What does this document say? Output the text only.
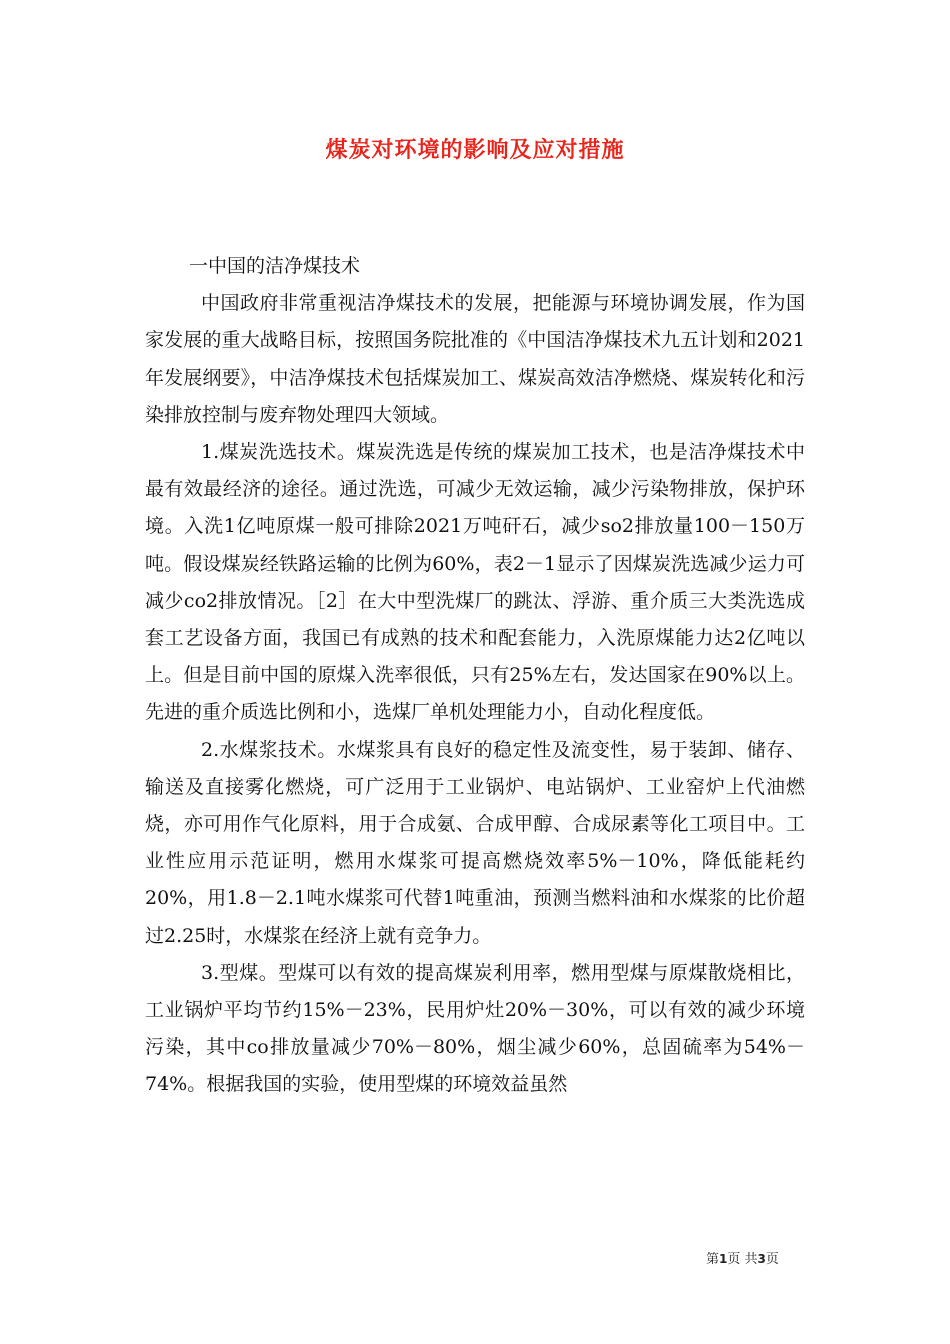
煤炭对环境的影响及应对措施

一中国的洁净煤技术

中国政府非常重视洁净煤技术的发展，把能源与环境协调发展，作为国家发展的重大战略目标，按照国务院批准的《中国洁净煤技术九五计划和2021年发展纲要》，中洁净煤技术包括煤炭加工、煤炭高效洁净燃烧、煤炭转化和污染排放控制与废弃物处理四大领域。

1.煤炭洗选技术。煤炭洗选是传统的煤炭加工技术，也是洁净煤技术中最有效最经济的途径。通过洗选，可减少无效运输，减少污染物排放，保护环境。入洗1亿吨原煤一般可排除2021万吨矸石，减少so2排放量100－150万吨。假设煤炭经铁路运输的比例为60%，表2－1显示了因煤炭洗选减少运力可减少co2排放情况。［2］在大中型洗煤厂的跳汰、浮游、重介质三大类洗选成套工艺设备方面，我国已有成熟的技术和配套能力，入洗原煤能力达2亿吨以上。但是目前中国的原煤入洗率很低，只有25%左右，发达国家在90%以上。先进的重介质选比例和小，选煤厂单机处理能力小，自动化程度低。

2.水煤浆技术。水煤浆具有良好的稳定性及流变性，易于装卸、储存、输送及直接雾化燃烧，可广泛用于工业锅炉、电站锅炉、工业窑炉上代油燃烧，亦可用作气化原料，用于合成氨、合成甲醇、合成尿素等化工项目中。工业性应用示范证明，燃用水煤浆可提高燃烧效率5%－10%，降低能耗约20%，用1.8－2.1吨水煤浆可代替1吨重油，预测当燃料油和水煤浆的比价超过2.25时，水煤浆在经济上就有竞争力。

3.型煤。型煤可以有效的提高煤炭利用率，燃用型煤与原煤散烧相比，工业锅炉平均节约15%－23%，民用炉灶20%－30%，可以有效的减少环境污染，其中co排放量减少70%－80%，烟尘减少60%，总固硫率为54%－74%。根据我国的实验，使用型煤的环境效益虽然

第1页 共3页
